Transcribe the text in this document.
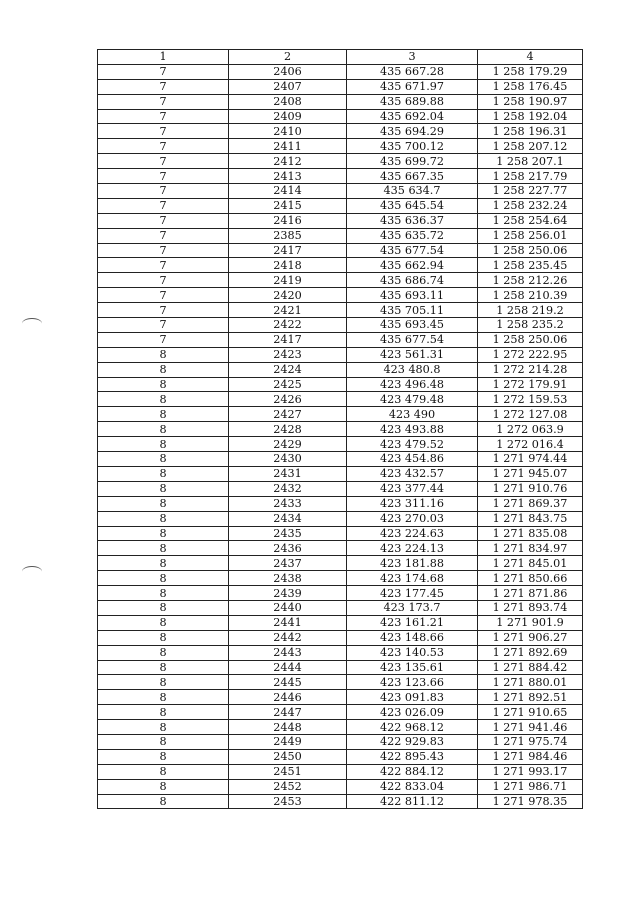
1	2	3	4
7	2406	435 667.28	1 258 179.29
7	2407	435 671.97	1 258 176.45
7	2408	435 689.88	1 258 190.97
7	2409	435 692.04	1 258 192.04
7	2410	435 694.29	1 258 196.31
7	2411	435 700.12	1 258 207.12
7	2412	435 699.72	1 258 207.1
7	2413	435 667.35	1 258 217.79
7	2414	435 634.7	1 258 227.77
7	2415	435 645.54	1 258 232.24
7	2416	435 636.37	1 258 254.64
7	2385	435 635.72	1 258 256.01
7	2417	435 677.54	1 258 250.06
7	2418	435 662.94	1 258 235.45
7	2419	435 686.74	1 258 212.26
7	2420	435 693.11	1 258 210.39
7	2421	435 705.11	1 258 219.2
7	2422	435 693.45	1 258 235.2
7	2417	435 677.54	1 258 250.06
8	2423	423 561.31	1 272 222.95
8	2424	423 480.8	1 272 214.28
8	2425	423 496.48	1 272 179.91
8	2426	423 479.48	1 272 159.53
8	2427	423 490	1 272 127.08
8	2428	423 493.88	1 272 063.9
8	2429	423 479.52	1 272 016.4
8	2430	423 454.86	1 271 974.44
8	2431	423 432.57	1 271 945.07
8	2432	423 377.44	1 271 910.76
8	2433	423 311.16	1 271 869.37
8	2434	423 270.03	1 271 843.75
8	2435	423 224.63	1 271 835.08
8	2436	423 224.13	1 271 834.97
8	2437	423 181.88	1 271 845.01
8	2438	423 174.68	1 271 850.66
8	2439	423 177.45	1 271 871.86
8	2440	423 173.7	1 271 893.74
8	2441	423 161.21	1 271 901.9
8	2442	423 148.66	1 271 906.27
8	2443	423 140.53	1 271 892.69
8	2444	423 135.61	1 271 884.42
8	2445	423 123.66	1 271 880.01
8	2446	423 091.83	1 271 892.51
8	2447	423 026.09	1 271 910.65
8	2448	422 968.12	1 271 941.46
8	2449	422 929.83	1 271 975.74
8	2450	422 895.43	1 271 984.46
8	2451	422 884.12	1 271 993.17
8	2452	422 833.04	1 271 986.71
8	2453	422 811.12	1 271 978.35
